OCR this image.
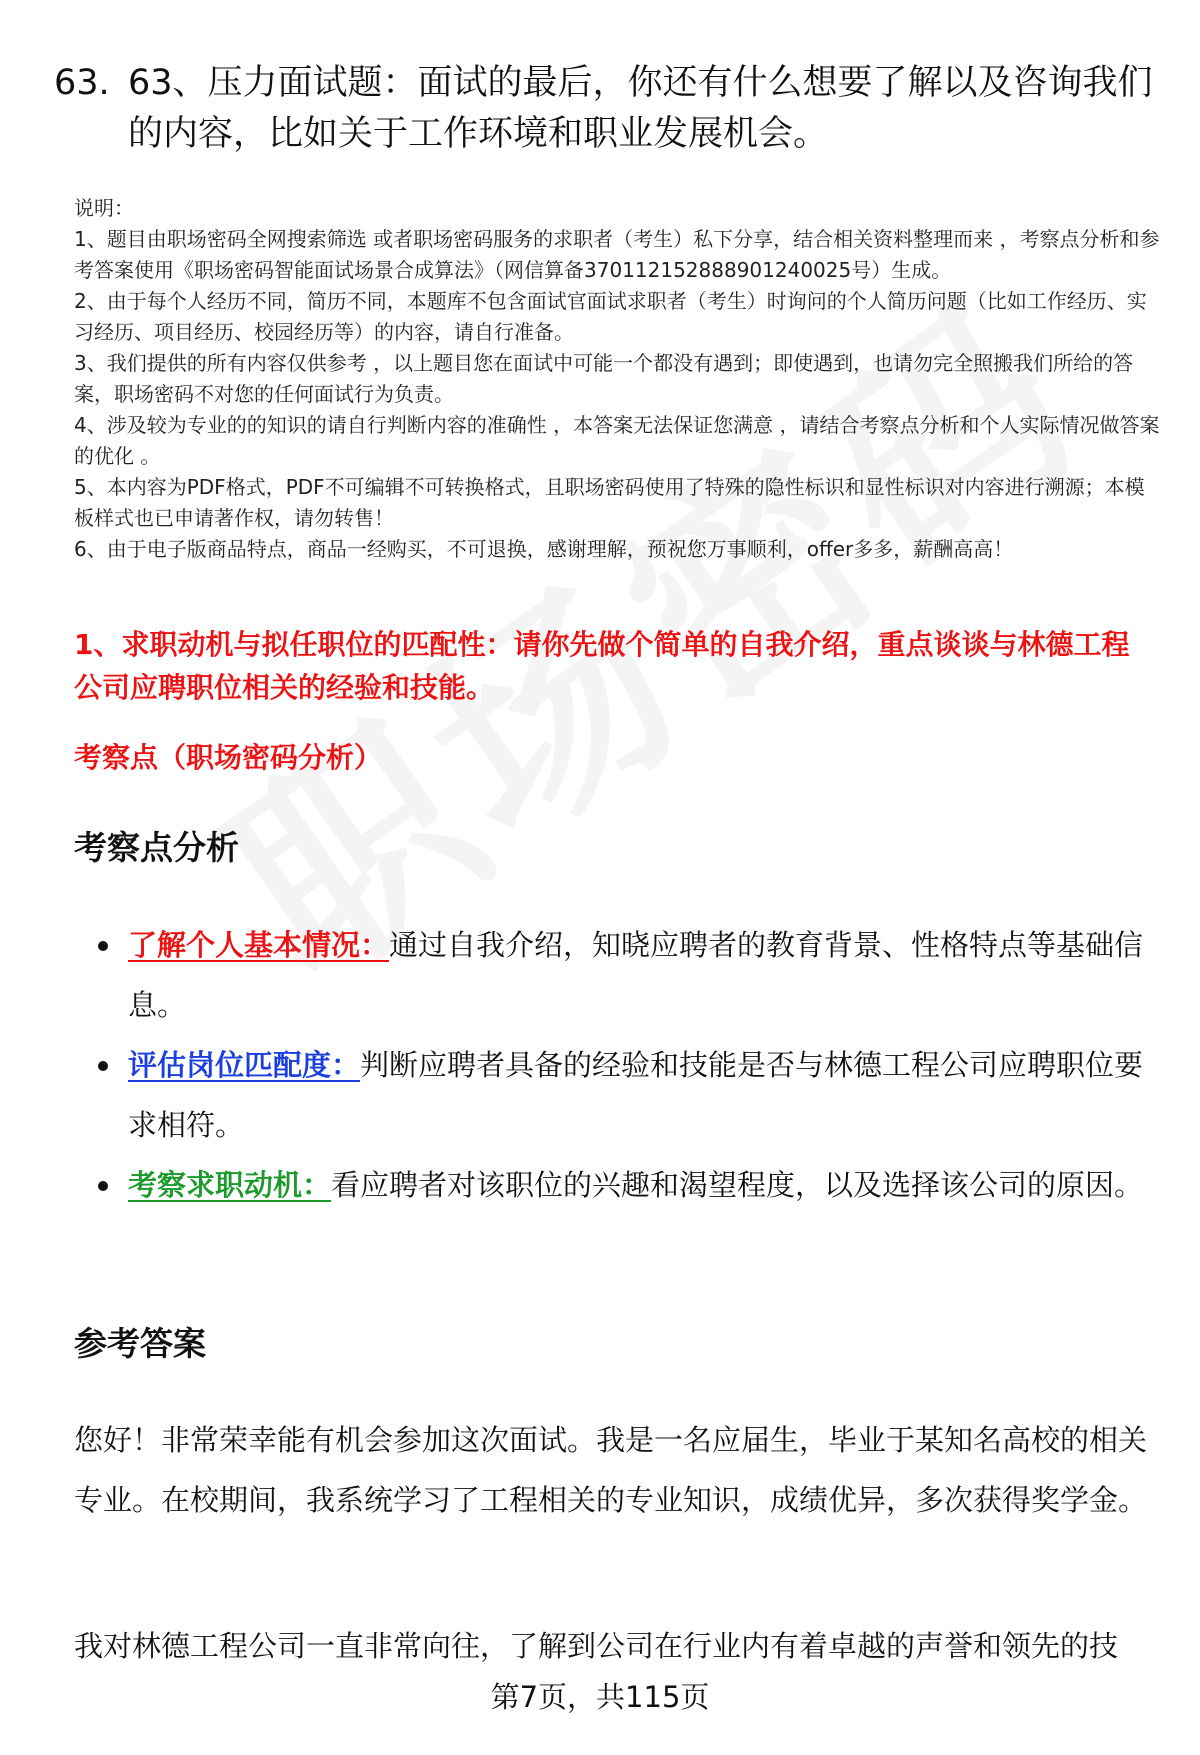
63. 63、压力面试题：面试的最后，你还有什么想要了解以及咨询我们的内容，比如关于工作环境和职业发展机会。

说明：

1、题目由职场密码全网搜索筛选 或者职场密码服务的求职者（考生）私下分享，结合相关资料整理而来 ，考察点分析和参考答案使用《职场密码智能面试场景合成算法》（网信算备370112152888901240025号）生成。

2、由于每个人经历不同，简历不同，本题库不包含面试官面试求职者（考生）时询问的个人简历问题（比如工作经历、实习经历、项目经历、校园经历等）的内容，请自行准备。

3、我们提供的所有内容仅供参考 ，以上题目您在面试中可能一个都没有遇到；即使遇到，也请勿完全照搬我们所给的答案，职场密码不对您的任何面试行为负责。

4、涉及较为专业的的知识的请自行判断内容的准确性 ，本答案无法保证您满意 ，请结合考察点分析和个人实际情况做答案的优化 。

5、本内容为PDF格式，PDF不可编辑不可转换格式，且职场密码使用了特殊的隐性标识和显性标识对内容进行溯源；本模板样式也已申请著作权，请勿转售！

6、由于电子版商品特点，商品一经购买，不可退换，感谢理解，预祝您万事顺利，offer多多，薪酬高高！

1、求职动机与拟任职位的匹配性：请你先做个简单的自我介绍，重点谈谈与林德工程公司应聘职位相关的经验和技能。
考察点（职场密码分析）
考察点分析
了解个人基本情况：通过自我介绍，知晓应聘者的教育背景、性格特点等基础信息。
评估岗位匹配度：判断应聘者具备的经验和技能是否与林德工程公司应聘职位要求相符。
考察求职动机：看应聘者对该职位的兴趣和渴望程度，以及选择该公司的原因。
参考答案

您好！非常荣幸能有机会参加这次面试。我是一名应届生，毕业于某知名高校的相关专业。在校期间，我系统学习了工程相关的专业知识，成绩优异，多次获得奖学金。

我对林德工程公司一直非常向往，了解到公司在行业内有着卓越的声誉和领先的技

第7页，共115页
